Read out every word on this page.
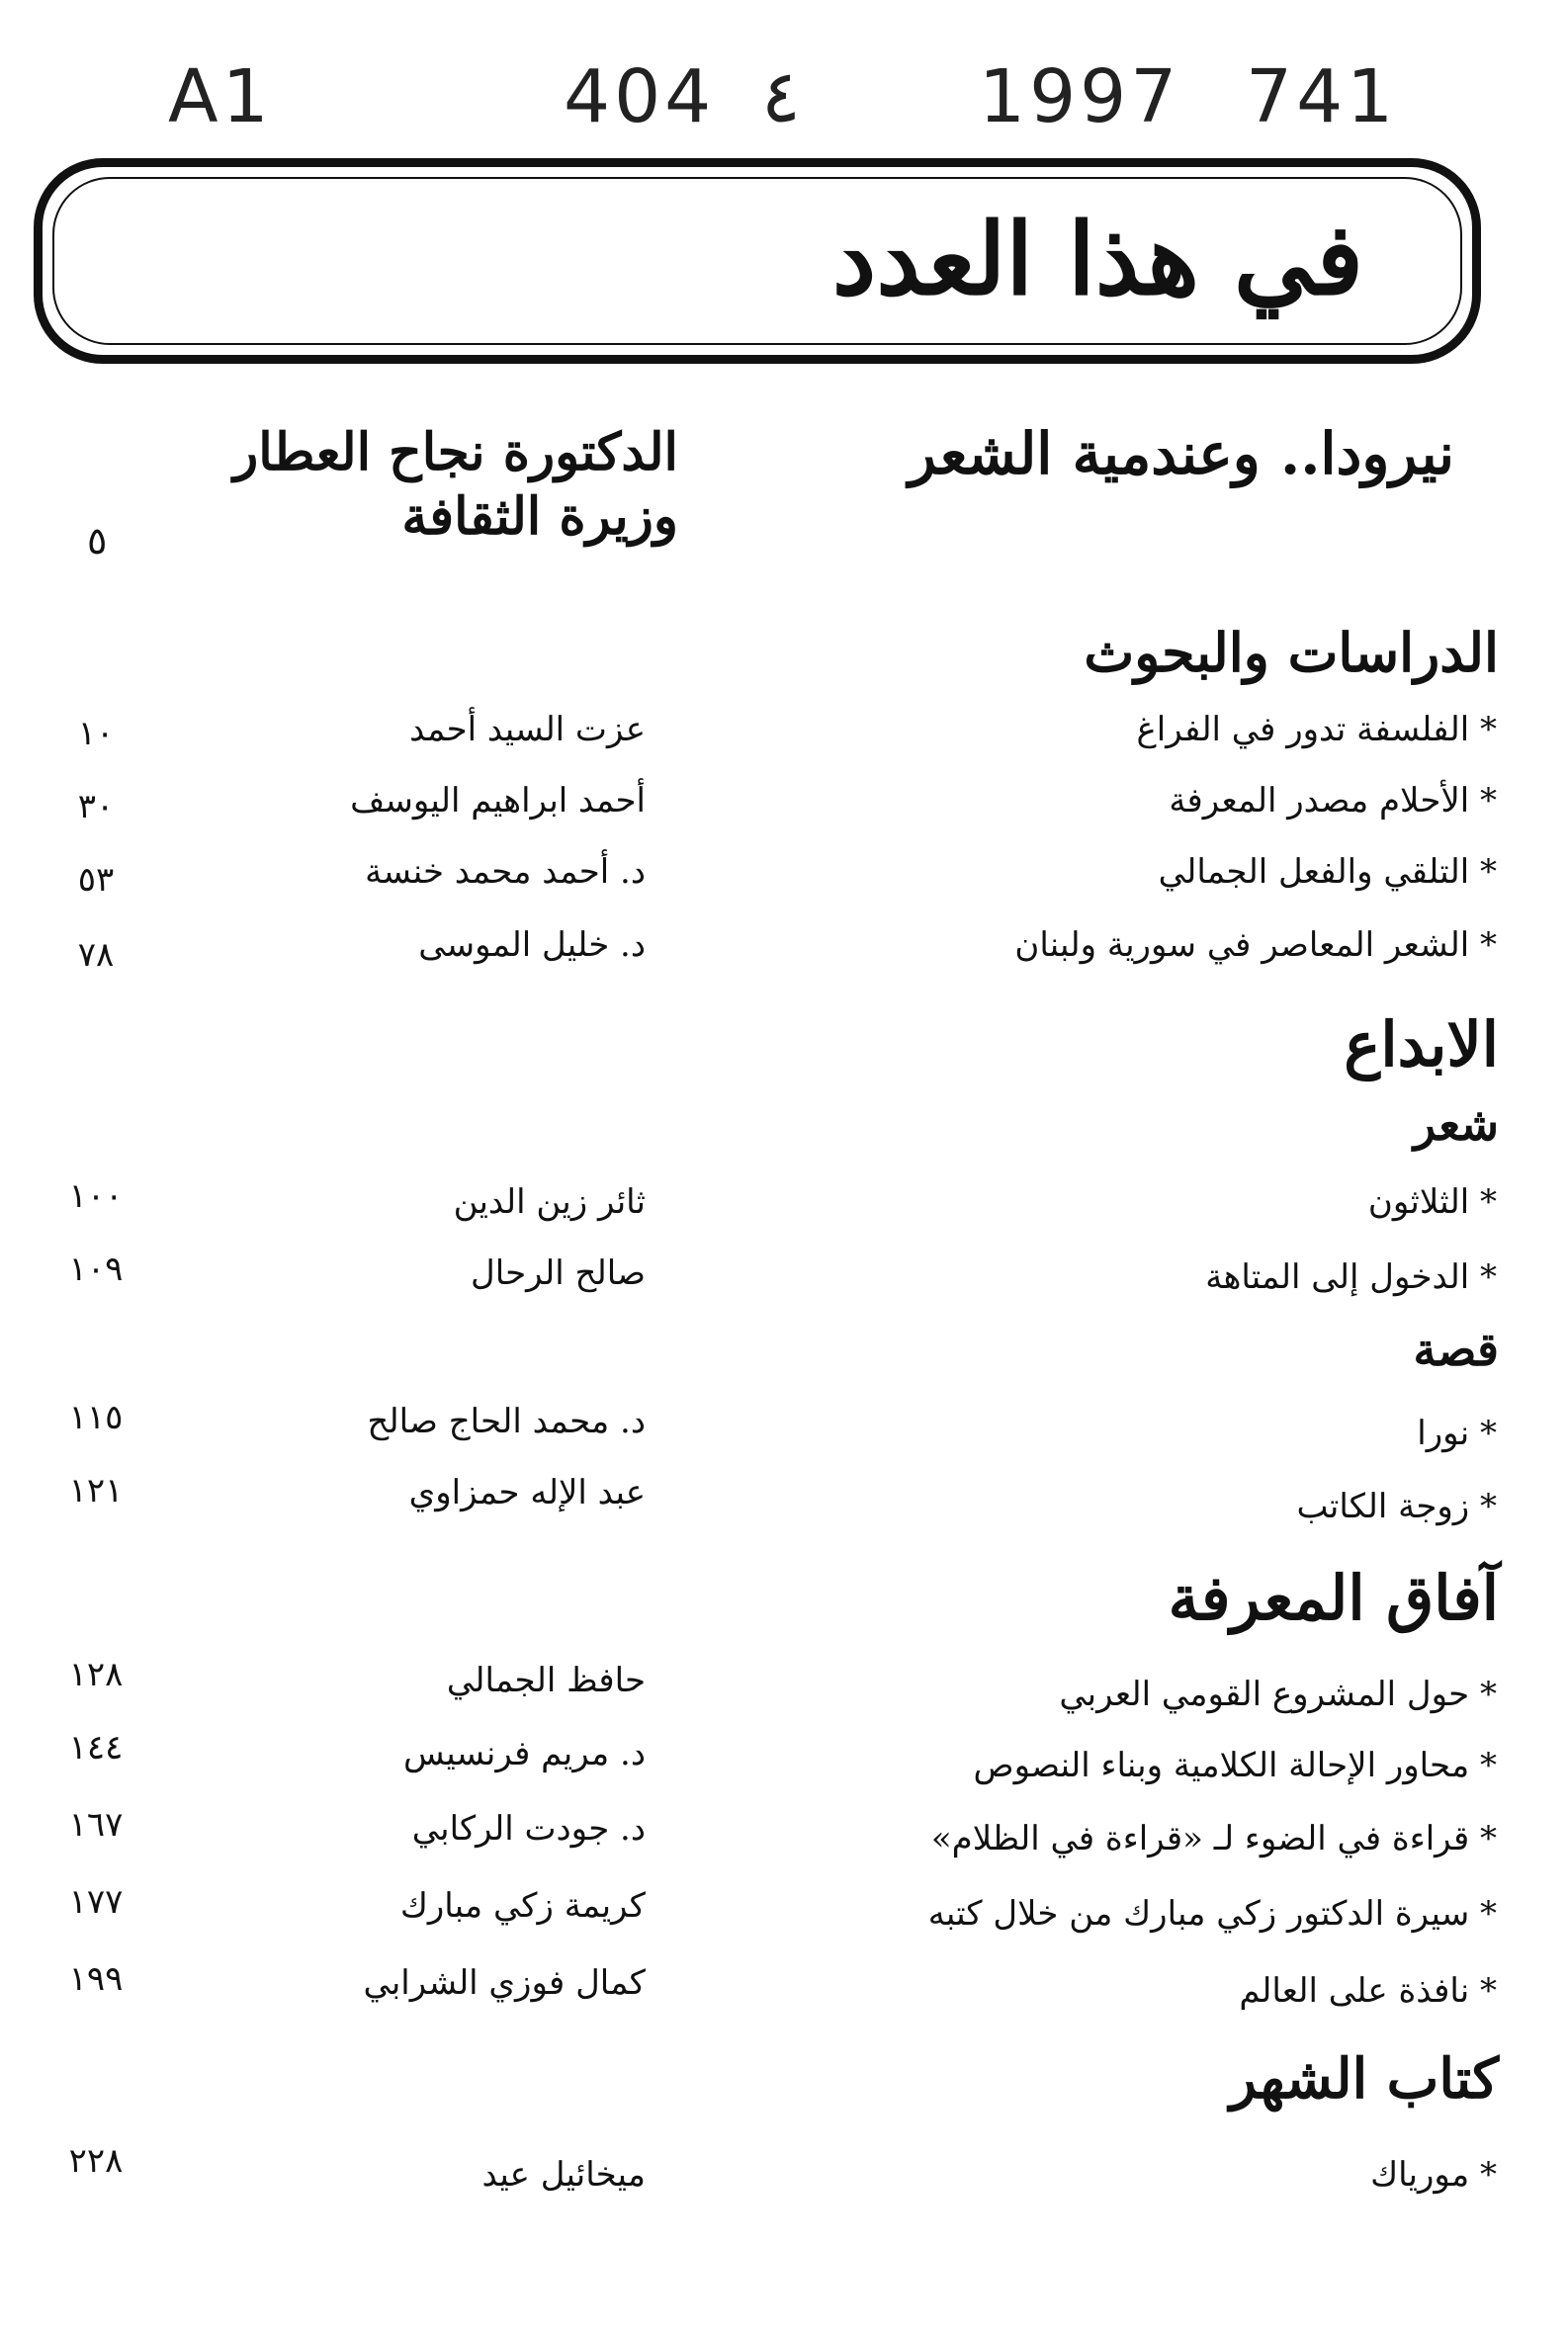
A1	404 ٤ 1997 741
في هذا العدد
نيرودا.. وعندمية الشعر
الدكتورة نجاح العطار
وزيرة الثقافة
٥
الدراسات والبحوث
* الفلسفة تدور في الفراغ
عزت السيد أحمد
١٠
* الأحلام مصدر المعرفة
أحمد ابراهيم اليوسف
٣٠
* التلقي والفعل الجمالي
د. أحمد محمد خنسة
٥٣
* الشعر المعاصر في سورية ولبنان
د. خليل الموسى
٧٨
الابداع
شعر
* الثلاثون
ثائر زين الدين
١٠٠
* الدخول إلى المتاهة
صالح الرحال
١٠٩
قصة
* نورا
د. محمد الحاج صالح
١١٥
* زوجة الكاتب
عبد الإله حمزاوي
١٢١
آفاق المعرفة
* حول المشروع القومي العربي
حافظ الجمالي
١٢٨
* محاور الإحالة الكلامية وبناء النصوص
د. مريم فرنسيس
١٤٤
* قراءة في الضوء لـ «قراءة في الظلام»
د. جودت الركابي
١٦٧
* سيرة الدكتور زكي مبارك من خلال كتبه
كريمة زكي مبارك
١٧٧
* نافذة على العالم
كمال فوزي الشرابي
١٩٩
كتاب الشهر
* موریاك
ميخائيل عيد
٢٢٨
